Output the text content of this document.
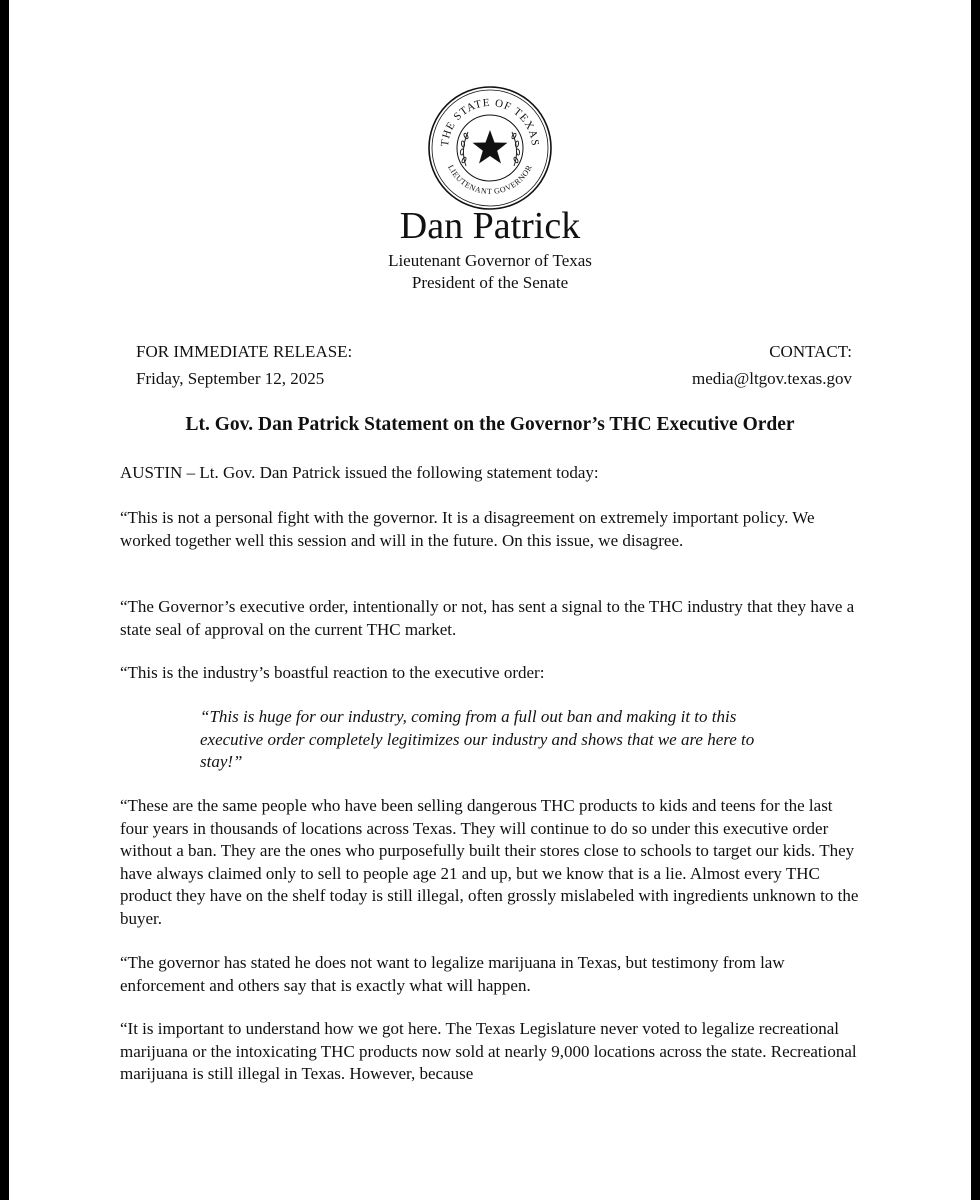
THE STATE OF TEXAS
LIEUTENANT GOVERNOR
Dan Patrick
Lieutenant Governor of Texas
President of the Senate
FOR IMMEDIATE RELEASE:
Friday, September 12, 2025
CONTACT:
media@ltgov.texas.gov
Lt. Gov. Dan Patrick Statement on the Governor’s THC Executive Order

AUSTIN – Lt. Gov. Dan Patrick issued the following statement today:

“This is not a personal fight with the governor. It is a disagreement on extremely important policy. We worked together well this session and will in the future. On this issue, we disagree.

“The Governor’s executive order, intentionally or not, has sent a signal to the THC industry that they have a state seal of approval on the current THC market.

“This is the industry’s boastful reaction to the executive order:

“This is huge for our industry, coming from a full out ban and making it to this executive order completely legitimizes our industry and shows that we are here to stay!”

“These are the same people who have been selling dangerous THC products to kids and teens for the last four years in thousands of locations across Texas. They will continue to do so under this executive order without a ban. They are the ones who purposefully built their stores close to schools to target our kids. They have always claimed only to sell to people age 21 and up, but we know that is a lie. Almost every THC product they have on the shelf today is still illegal, often grossly mislabeled with ingredients unknown to the buyer.

“The governor has stated he does not want to legalize marijuana in Texas, but testimony from law enforcement and others say that is exactly what will happen.

“It is important to understand how we got here. The Texas Legislature never voted to legalize recreational marijuana or the intoxicating THC products now sold at nearly 9,000 locations across the state. Recreational marijuana is still illegal in Texas. However, because
